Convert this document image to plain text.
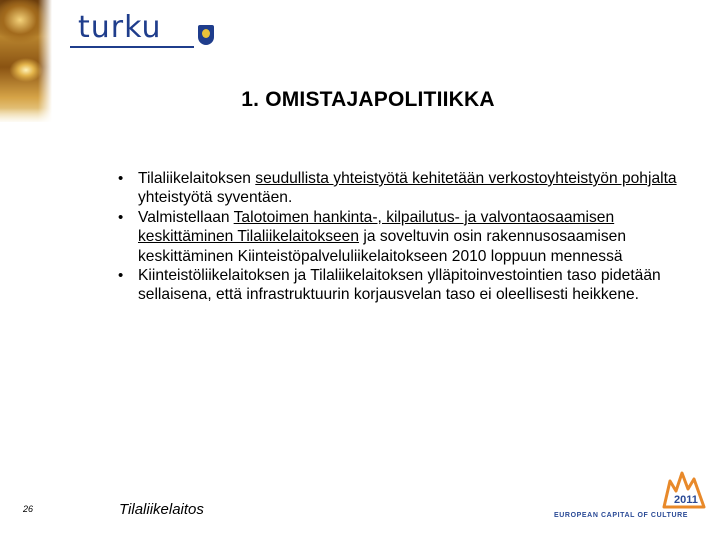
turku
1. OMISTAJAPOLITIIKKA
• Tilaliikelaitoksen seudullista yhteistyötä kehitetään verkostoyhteistyön pohjalta yhteistyötä syventäen.
• Valmistellaan Talotoimen hankinta-, kilpailutus- ja valvontaosaamisen keskittäminen Tilaliikelaitokseen ja soveltuvin osin rakennusosaamisen keskittäminen Kiinteistöpalveluliikelaitokseen 2010 loppuun mennessä
• Kiinteistöliikelaitoksen ja Tilaliikelaitoksen ylläpitoinvestointien taso pidetään sellaisena, että infrastruktuurin korjausvelan taso ei oleellisesti heikkene.
26	Tilaliikelaitos
2011
EUROPEAN CAPITAL OF CULTURE
